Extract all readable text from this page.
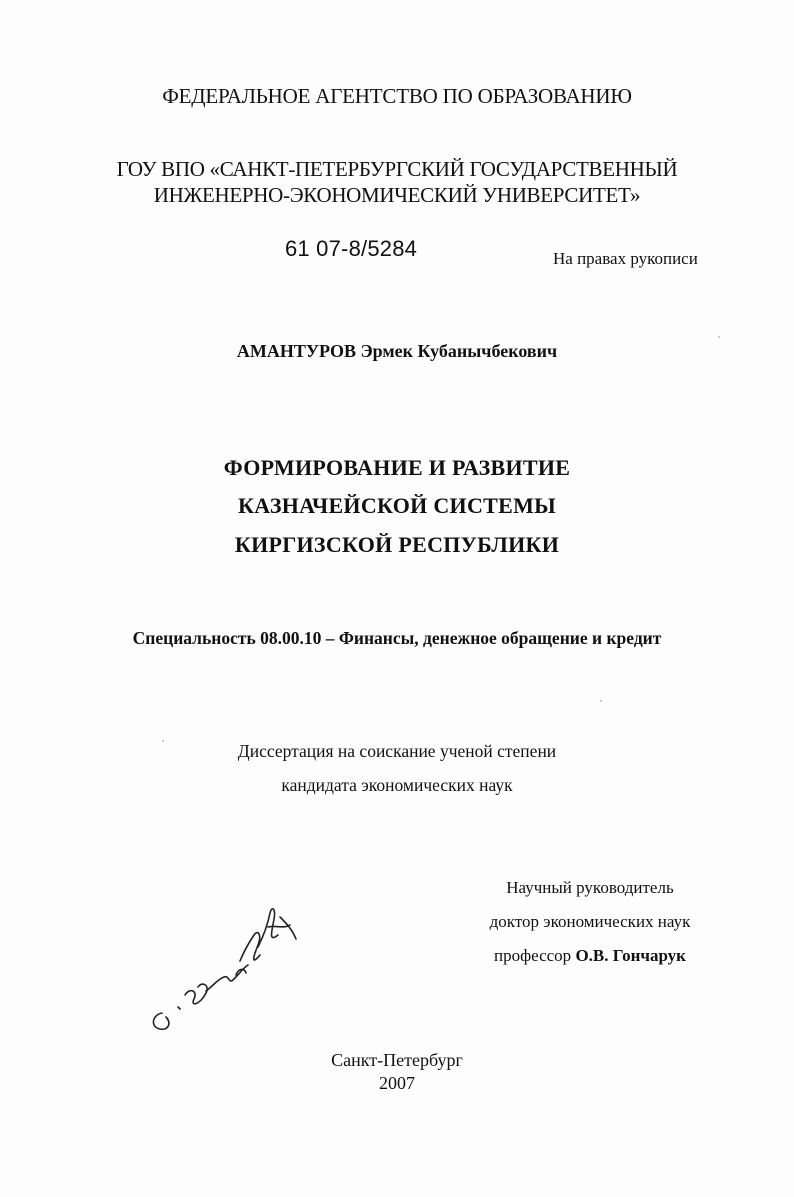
ФЕДЕРАЛЬНОЕ АГЕНТСТВО ПО ОБРАЗОВАНИЮ
ГОУ ВПО «САНКТ-ПЕТЕРБУРГСКИЙ ГОСУДАРСТВЕННЫЙ
ИНЖЕНЕРНО-ЭКОНОМИЧЕСКИЙ УНИВЕРСИТЕТ»
61 07-8/5284	На правах рукописи
АМАНТУРОВ Эрмек Кубанычбекович
ФОРМИРОВАНИЕ И РАЗВИТИЕ
КАЗНАЧЕЙСКОЙ СИСТЕМЫ
КИРГИЗСКОЙ РЕСПУБЛИКИ
Специальность 08.00.10 – Финансы, денежное обращение и кредит
Диссертация на соискание ученой степени
кандидата экономических наук
Научный руководитель
доктор экономических наук
профессор О.В. Гончарук
Санкт-Петербург
2007
